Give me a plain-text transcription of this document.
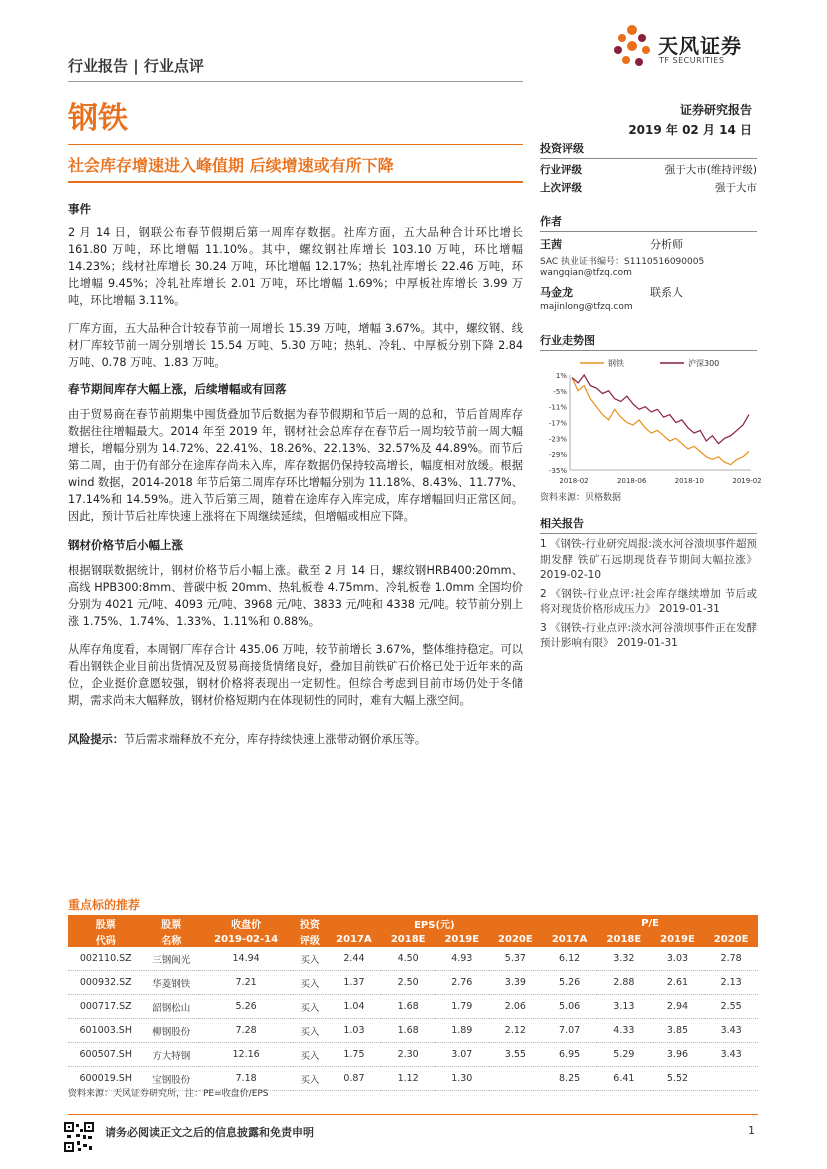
行业报告 | 行业点评
天风证券
TF SECURITIES
钢铁	证券研究报告
2019 年 02 月 14 日
社会库存增速进入峰值期 后续增速或有所下降
事件

2 月 14 日，钢联公布春节假期后第一周库存数据。社库方面，五大品种合计环比增长 161.80 万吨，环比增幅 11.10%。其中，螺纹钢社库增长 103.10 万吨，环比增幅 14.23%；线材社库增长 30.24 万吨，环比增幅 12.17%；热轧社库增长 22.46 万吨，环比增幅 9.45%；冷轧社库增长 2.01 万吨，环比增幅 1.69%；中厚板社库增长 3.99 万吨，环比增幅 3.11%。

厂库方面，五大品种合计较春节前一周增长 15.39 万吨，增幅 3.67%。其中，螺纹钢、线材厂库较节前一周分别增长 15.54 万吨、5.30 万吨；热轧、冷轧、中厚板分别下降 2.84 万吨、0.78 万吨、1.83 万吨。

春节期间库存大幅上涨，后续增幅或有回落

由于贸易商在春节前期集中囤货叠加节后数据为春节假期和节后一周的总和，节后首周库存数据往往增幅最大。2014 年至 2019 年，钢材社会总库存在春节后一周均较节前一周大幅增长，增幅分别为 14.72%、22.41%、18.26%、22.13%、32.57%及 44.89%。而节后第二周，由于仍有部分在途库存尚未入库，库存数据仍保持较高增长，幅度相对放缓。根据 wind 数据，2014-2018 年节后第二周库存环比增幅分别为 11.18%、8.43%、11.77%、17.14%和 14.59%。进入节后第三周，随着在途库存入库完成，库存增幅回归正常区间。因此，预计节后社库快速上涨将在下周继续延续，但增幅或相应下降。

钢材价格节后小幅上涨

根据钢联数据统计，钢材价格节后小幅上涨。截至 2 月 14 日，螺纹钢HRB400:20mm、高线 HPB300:8mm、普碳中板 20mm、热轧板卷 4.75mm、冷轧板卷 1.0mm 全国均价分别为 4021 元/吨、4093 元/吨、3968 元/吨、3833 元/吨和 4338 元/吨。较节前分别上涨 1.75%、1.74%、1.33%、1.11%和 0.88%。

从库存角度看，本周钢厂库存合计 435.06 万吨，较节前增长 3.67%，整体维持稳定。可以看出钢铁企业目前出货情况及贸易商接货情绪良好，叠加目前铁矿石价格已处于近年来的高位，企业挺价意愿较强，钢材价格将表现出一定韧性。但综合考虑到目前市场仍处于冬储期，需求尚未大幅释放，钢材价格短期内在体现韧性的同时，难有大幅上涨空间。

风险提示：节后需求端释放不充分，库存持续快速上涨带动钢价承压等。

投资评级
行业评级	强于大市(维持评级)
上次评级	强于大市
作者
王茜	分析师
SAC 执业证书编号：S1110516090005
wangqian@tfzq.com
马金龙	联系人
majinlong@tfzq.com
行业走势图
钢铁	沪深300
1%
-5%
-11%
-17%
-23%
-29%
-35%
2018-02	2018-06	2018-10	2019-02
资料来源：贝格数据
相关报告
1 《钢铁-行业研究周报:淡水河谷溃坝事件超预期发酵 铁矿石远期现货春节期间大幅拉涨》 2019-02-10
2 《钢铁-行业点评:社会库存继续增加 节后或将对现货价格形成压力》 2019-01-31
3 《钢铁-行业点评:淡水河谷溃坝事件正在发酵 预计影响有限》 2019-01-31
重点标的推荐
股票	股票	收盘价	投资	EPS(元)				P/E			
代码	名称	2019-02-14	评级	2017A	2018E	2019E	2020E	2017A	2018E	2019E	2020E
002110.SZ	三钢闽光	14.94	买入	2.44	4.50	4.93	5.37	6.12	3.32	3.03	2.78
000932.SZ	华菱钢铁	7.21	买入	1.37	2.50	2.76	3.39	5.26	2.88	2.61	2.13
000717.SZ	韶钢松山	5.26	买入	1.04	1.68	1.79	2.06	5.06	3.13	2.94	2.55
601003.SH	柳钢股份	7.28	买入	1.03	1.68	1.89	2.12	7.07	4.33	3.85	3.43
600507.SH	方大特钢	12.16	买入	1.75	2.30	3.07	3.55	6.95	5.29	3.96	3.43
600019.SH	宝钢股份	7.18	买入	0.87	1.12	1.30		8.25	6.41	5.52	
资料来源：天风证券研究所，注：PE=收盘价/EPS
请务必阅读正文之后的信息披露和免责申明	1
